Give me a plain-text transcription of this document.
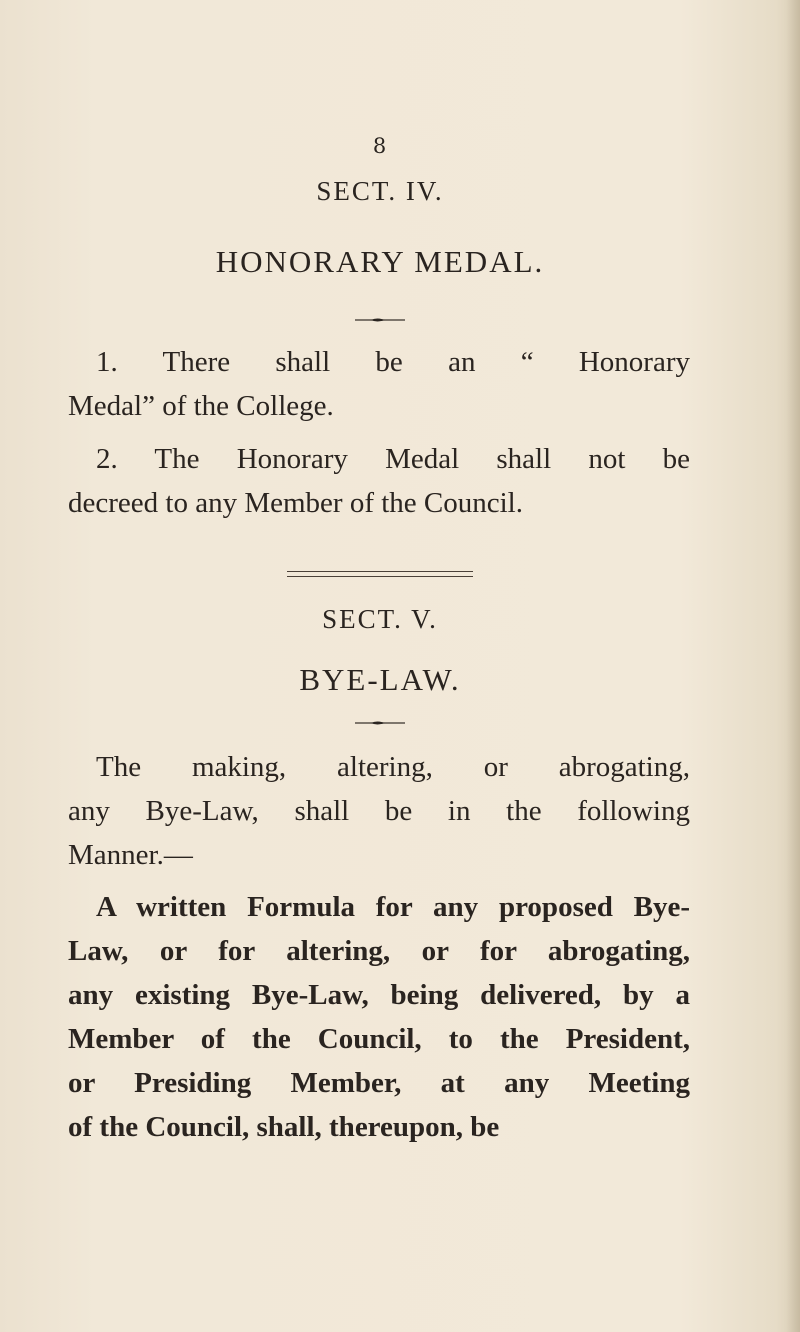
8
SECT. IV.
HONORARY MEDAL.
1. There shall be an “ Honorary
Medal” of the College.
2. The Honorary Medal shall not be
decreed to any Member of the Council.
SECT. V.
BYE-LAW.
The making, altering, or abrogating,
any Bye-Law, shall be in the following
Manner.—
A written Formula for any proposed Bye-
Law, or for altering, or for abrogating,
any existing Bye-Law, being delivered, by a
Member of the Council, to the President,
or Presiding Member, at any Meeting
of the Council, shall, thereupon, be
